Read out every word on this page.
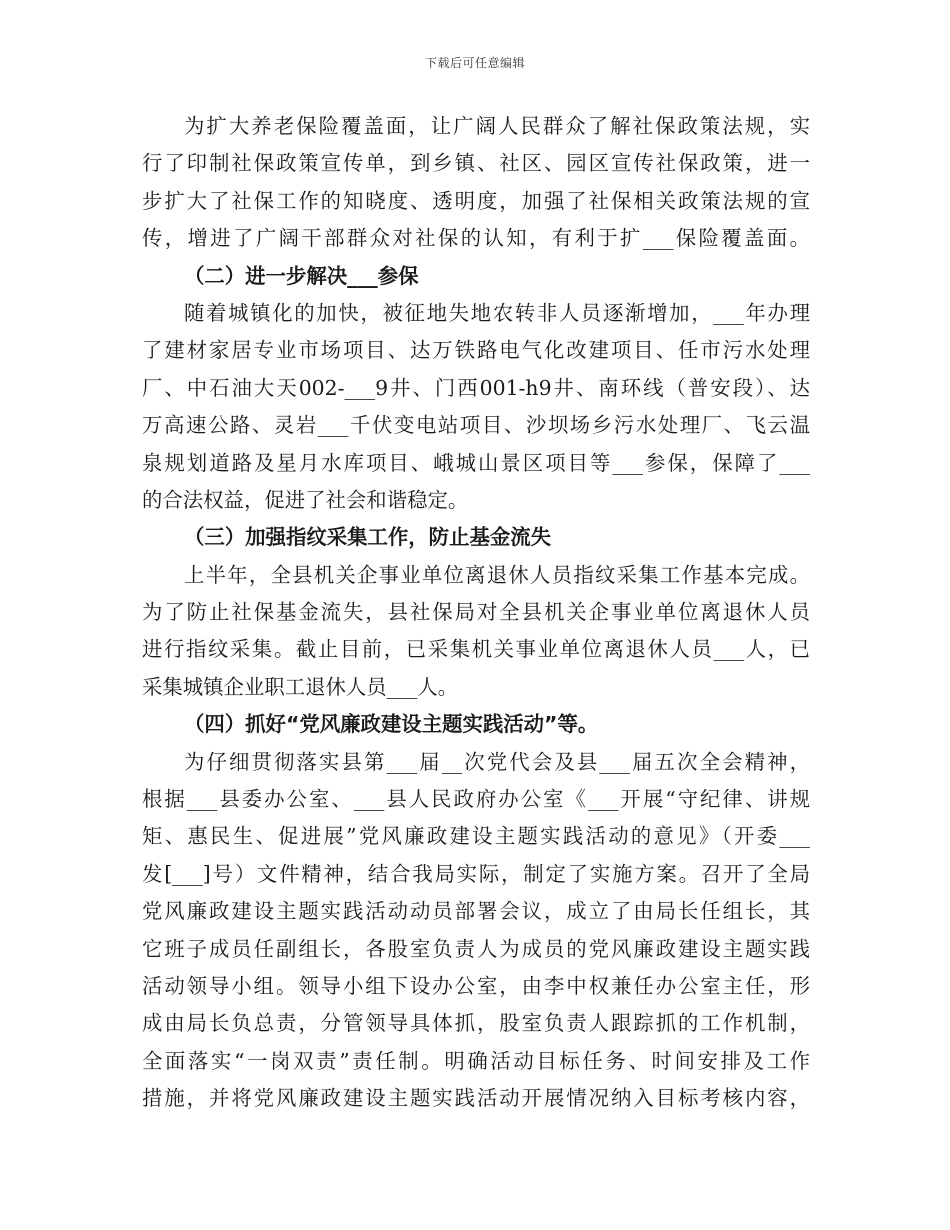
下载后可任意编辑
为扩大养老保险覆盖面，让广阔人民群众了解社保政策法规，实
行了印制社保政策宣传单，到乡镇、社区、园区宣传社保政策，进一
步扩大了社保工作的知晓度、透明度，加强了社保相关政策法规的宣
传，增进了广阔干部群众对社保的认知，有利于扩___保险覆盖面。
（二）进一步解决___参保
随着城镇化的加快，被征地失地农转非人员逐渐增加，___年办理
了建材家居专业市场项目、达万铁路电气化改建项目、任市污水处理
厂、中石油大天002-___9井、门西001-h9井、南环线（普安段）、达
万高速公路、灵岩___千伏变电站项目、沙坝场乡污水处理厂、飞云温
泉规划道路及星月水库项目、峨城山景区项目等___参保，保障了___
的合法权益，促进了社会和谐稳定。
（三）加强指纹采集工作，防止基金流失
上半年，全县机关企事业单位离退休人员指纹采集工作基本完成。
为了防止社保基金流失，县社保局对全县机关企事业单位离退休人员
进行指纹采集。截止目前，已采集机关事业单位离退休人员___人，已
采集城镇企业职工退休人员___人。
（四）抓好“党风廉政建设主题实践活动”等。
为仔细贯彻落实县第___届__次党代会及县___届五次全会精神，
根据___县委办公室、___县人民政府办公室《___开展“守纪律、讲规
矩、惠民生、促进展”党风廉政建设主题实践活动的意见》（开委___
发[___]号）文件精神，结合我局实际，制定了实施方案。召开了全局
党风廉政建设主题实践活动动员部署会议，成立了由局长任组长，其
它班子成员任副组长，各股室负责人为成员的党风廉政建设主题实践
活动领导小组。领导小组下设办公室，由李中权兼任办公室主任，形
成由局长负总责，分管领导具体抓，股室负责人跟踪抓的工作机制，
全面落实“一岗双责”责任制。明确活动目标任务、时间安排及工作
措施，并将党风廉政建设主题实践活动开展情况纳入目标考核内容，
